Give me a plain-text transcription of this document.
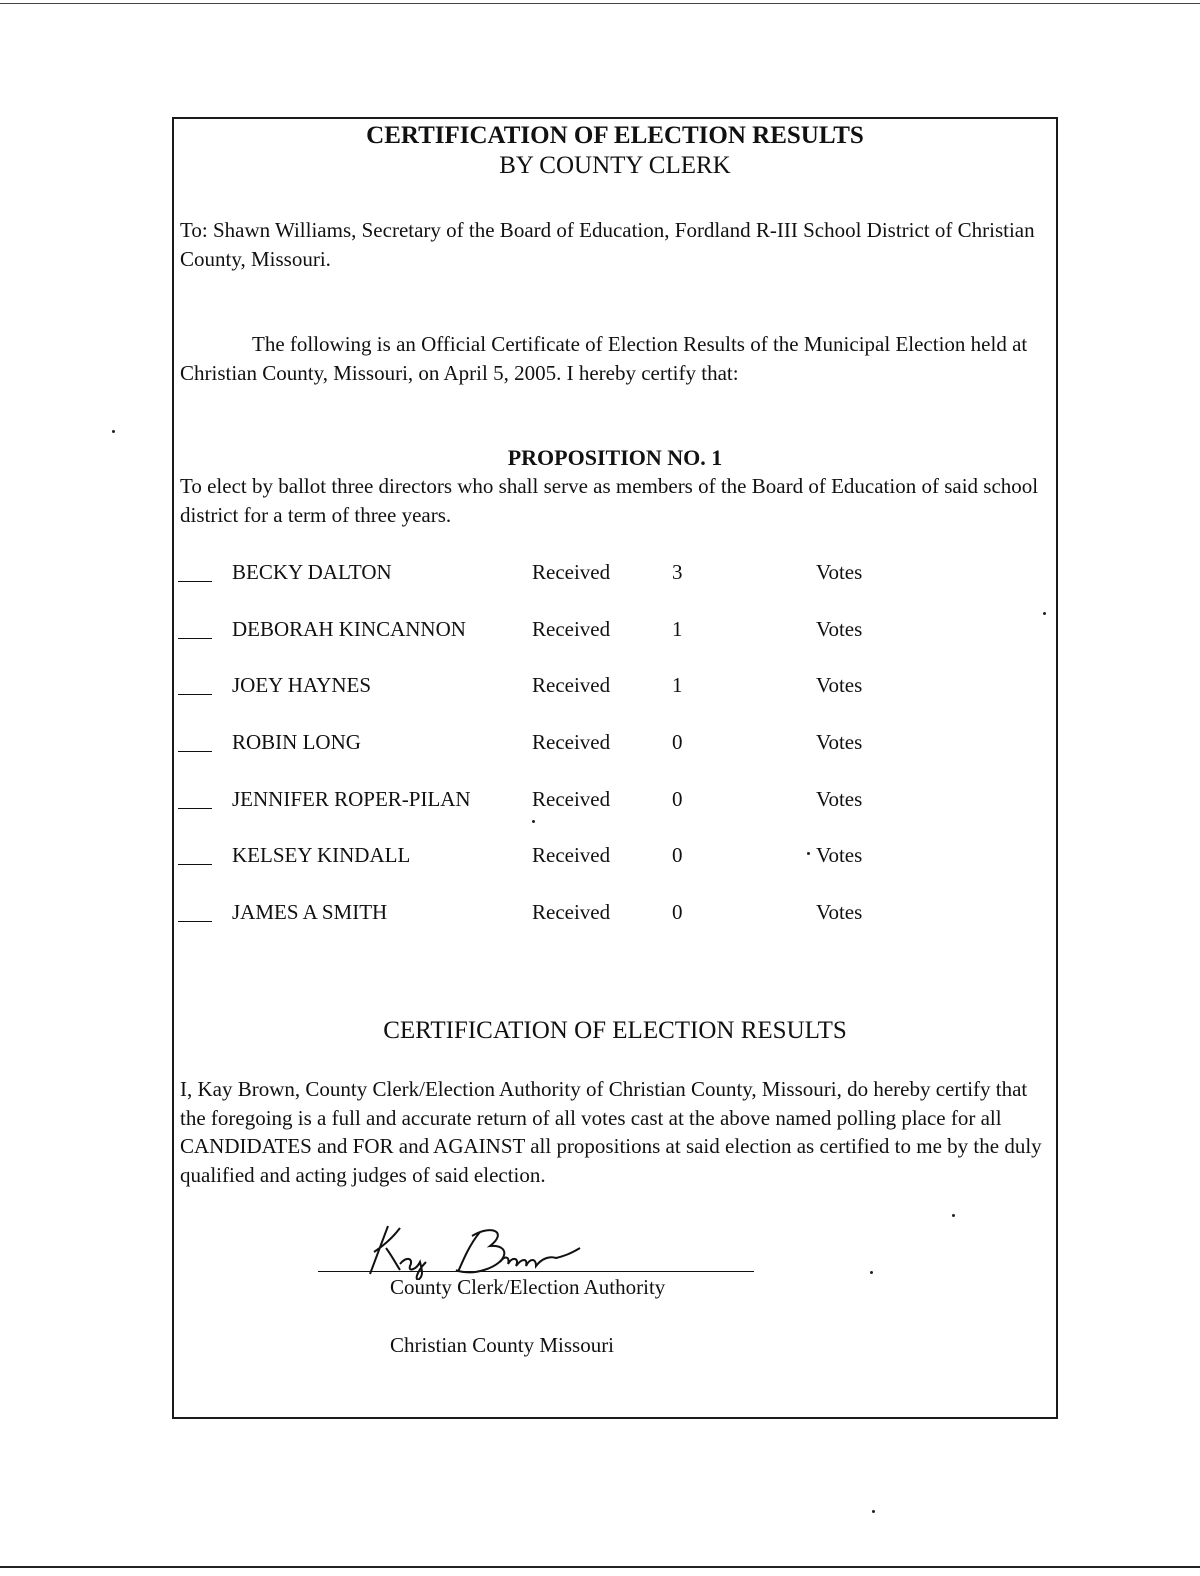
CERTIFICATION OF ELECTION RESULTS
BY COUNTY CLERK
To: Shawn Williams, Secretary of the Board of Education, Fordland R-III School District of Christian County, Missouri.
The following is an Official Certificate of Election Results of the Municipal Election held at Christian County, Missouri, on April 5, 2005. I hereby certify that:
PROPOSITION NO. 1
To elect by ballot three directors who shall serve as members of the Board of Education of said school district for a term of three years.
BECKY DALTON	Received	3	Votes
DEBORAH KINCANNON	Received	1	Votes
JOEY HAYNES	Received	1	Votes
ROBIN LONG	Received	0	Votes
JENNIFER ROPER-PILAN	Received	0	Votes
KELSEY KINDALL	Received	0	Votes
JAMES A SMITH	Received	0	Votes
CERTIFICATION OF ELECTION RESULTS
I, Kay Brown, County Clerk/Election Authority of Christian County, Missouri, do hereby certify that the foregoing is a full and accurate return of all votes cast at the above named polling place for all CANDIDATES and FOR and AGAINST all propositions at said election as certified to me by the duly qualified and acting judges of said election.
County Clerk/Election Authority
Christian County Missouri
